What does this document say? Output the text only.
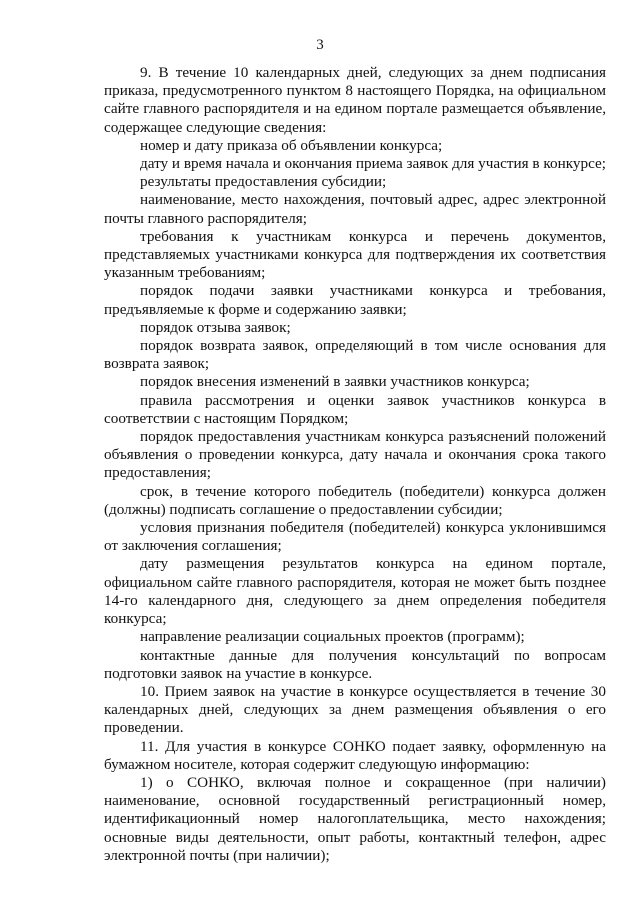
3

9. В течение 10 календарных дней, следующих за днем подписания приказа, предусмотренного пунктом 8 настоящего Порядка, на официальном сайте главного распорядителя и на едином портале размещается объявление, содержащее следующие сведения:

номер и дату приказа об объявлении конкурса;

дату и время начала и окончания приема заявок для участия в конкурсе;

результаты предоставления субсидии;

наименование, место нахождения, почтовый адрес, адрес электронной почты главного распорядителя;

требования к участникам конкурса и перечень документов, представляемых участниками конкурса для подтверждения их соответствия указанным требованиям;

порядок подачи заявки участниками конкурса и требования, предъявляемые к форме и содержанию заявки;

порядок отзыва заявок;

порядок возврата заявок, определяющий в том числе основания для возврата заявок;

порядок внесения изменений в заявки участников конкурса;

правила рассмотрения и оценки заявок участников конкурса в соответствии с настоящим Порядком;

порядок предоставления участникам конкурса разъяснений положений объявления о проведении конкурса, дату начала и окончания срока такого предоставления;

срок, в течение которого победитель (победители) конкурса должен (должны) подписать соглашение о предоставлении субсидии;

условия признания победителя (победителей) конкурса уклонившимся от заключения соглашения;

дату размещения результатов конкурса на едином портале, официальном сайте главного распорядителя, которая не может быть позднее 14-го календарного дня, следующего за днем определения победителя конкурса;

направление реализации социальных проектов (программ);

контактные данные для получения консультаций по вопросам подготовки заявок на участие в конкурсе.

10. Прием заявок на участие в конкурсе осуществляется в течение 30 календарных дней, следующих за днем размещения объявления о его проведении.

11. Для участия в конкурсе СОНКО подает заявку, оформленную на бумажном носителе, которая содержит следующую информацию:

1) о СОНКО, включая полное и сокращенное (при наличии) наименование, основной государственный регистрационный номер, идентификационный номер налогоплательщика, место нахождения; основные виды деятельности, опыт работы, контактный телефон, адрес электронной почты (при наличии);
